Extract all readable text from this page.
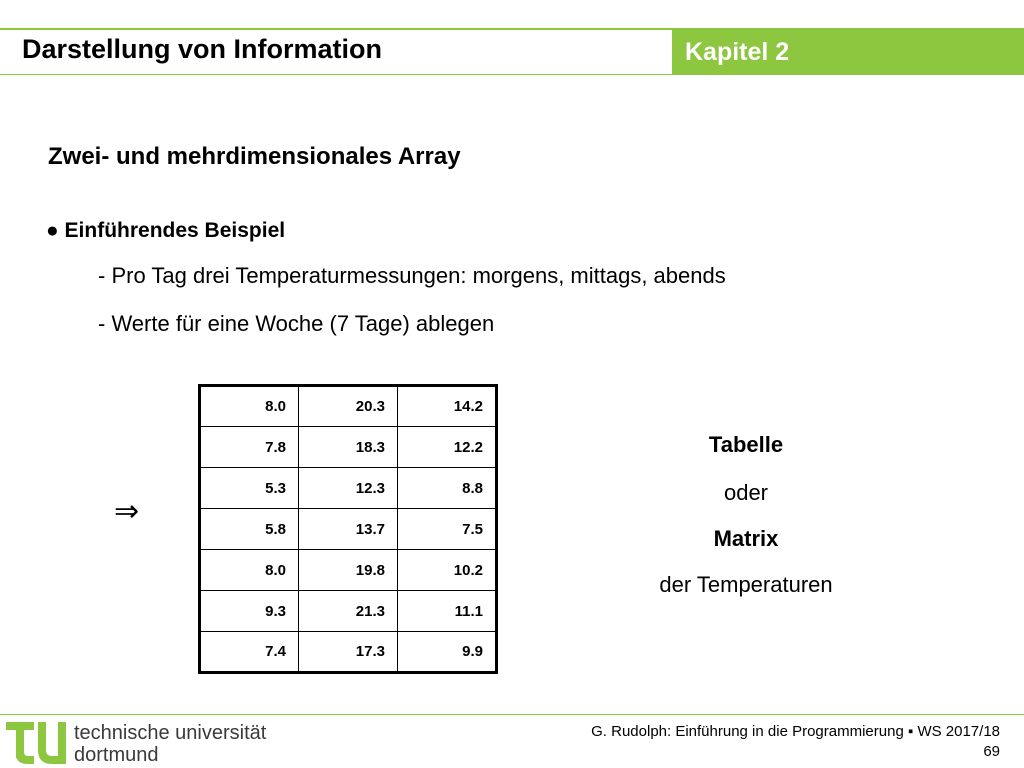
Darstellung von Information	Kapitel 2
Zwei- und mehrdimensionales Array
● Einführendes Beispiel
- Pro Tag drei Temperaturmessungen: morgens, mittags, abends
- Werte für eine Woche (7 Tage) ablegen
⇒
8.0	20.3	14.2
7.8	18.3	12.2
5.3	12.3	8.8
5.8	13.7	7.5
8.0	19.8	10.2
9.3	21.3	11.1
7.4	17.3	9.9
Tabelle
oder
Matrix
der Temperaturen
technische universität
dortmund
G. Rudolph: Einführung in die Programmierung ▪ WS 2017/18
69
